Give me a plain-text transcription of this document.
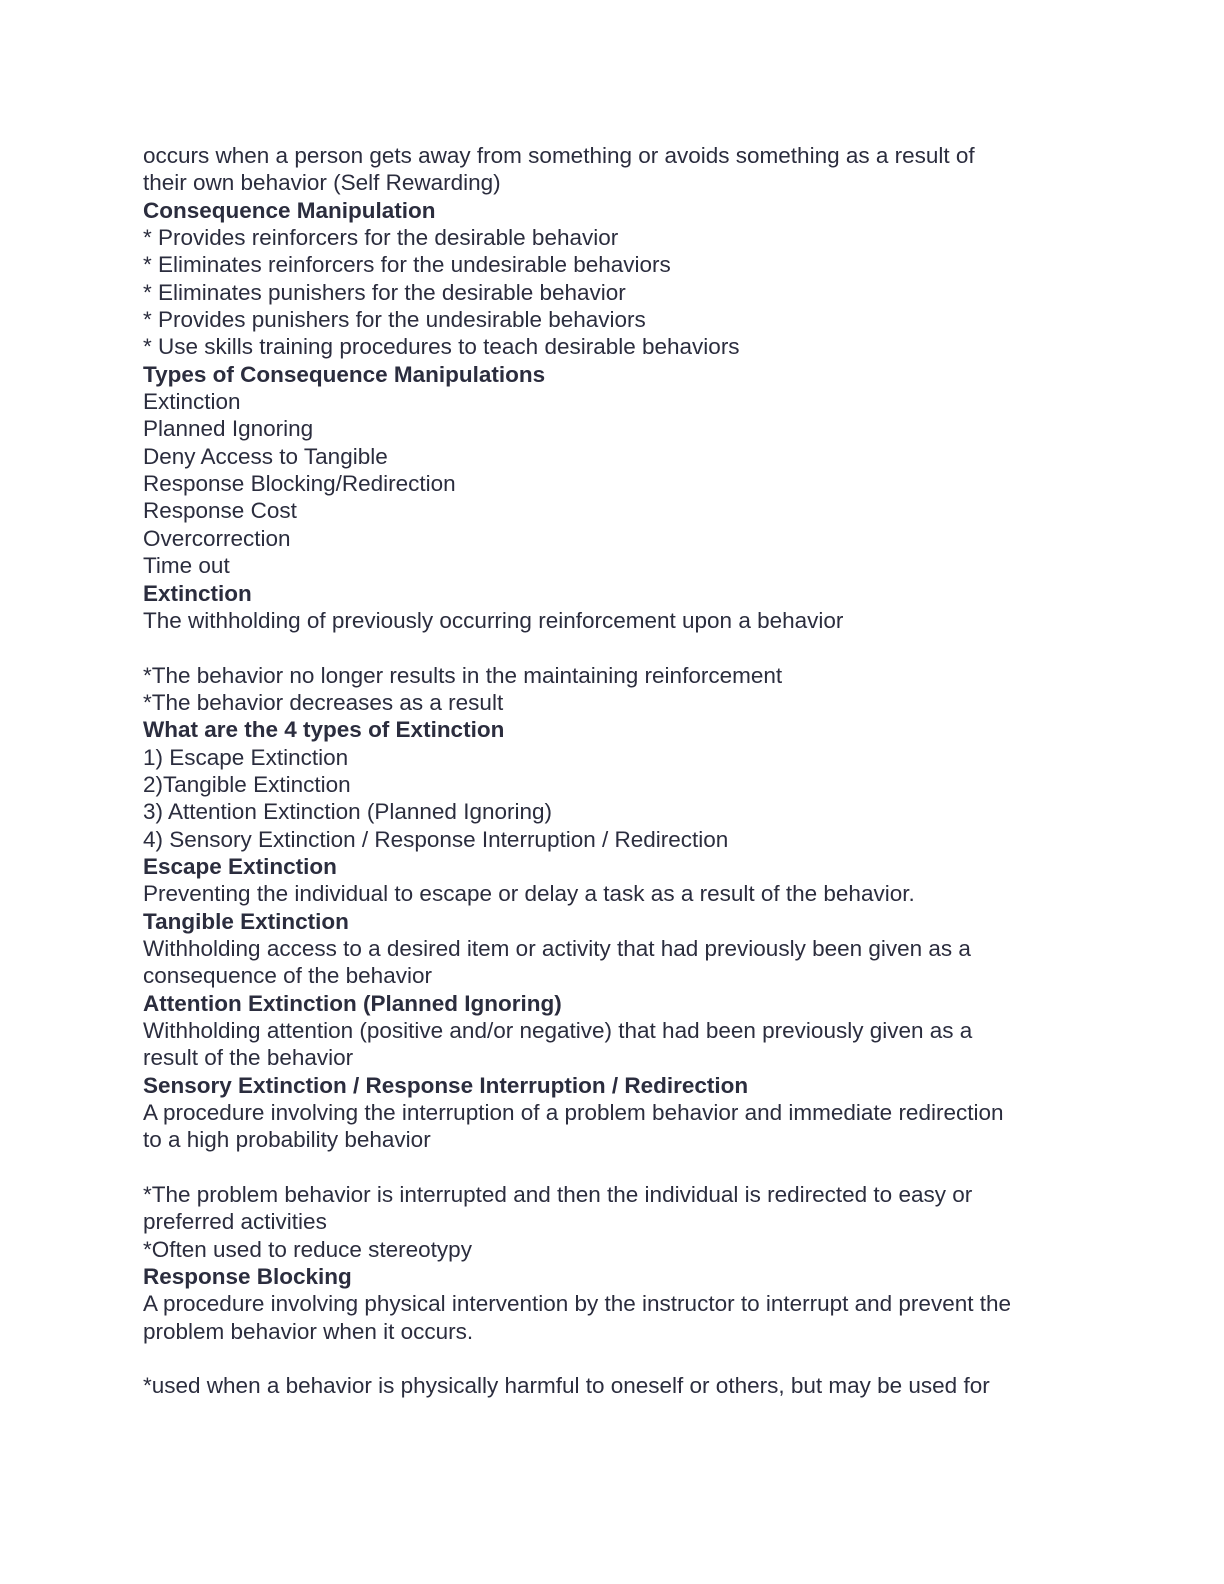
occurs when a person gets away from something or avoids something as a result of
their own behavior (Self Rewarding)
Consequence Manipulation
* Provides reinforcers for the desirable behavior
* Eliminates reinforcers for the undesirable behaviors
* Eliminates punishers for the desirable behavior
* Provides punishers for the undesirable behaviors
* Use skills training procedures to teach desirable behaviors
Types of Consequence Manipulations
Extinction
Planned Ignoring
Deny Access to Tangible
Response Blocking/Redirection
Response Cost
Overcorrection
Time out
Extinction
The withholding of previously occurring reinforcement upon a behavior
*The behavior no longer results in the maintaining reinforcement
*The behavior decreases as a result
What are the 4 types of Extinction
1) Escape Extinction
2)Tangible Extinction
3) Attention Extinction (Planned Ignoring)
4) Sensory Extinction / Response Interruption / Redirection
Escape Extinction
Preventing the individual to escape or delay a task as a result of the behavior.
Tangible Extinction
Withholding access to a desired item or activity that had previously been given as a
consequence of the behavior
Attention Extinction (Planned Ignoring)
Withholding attention (positive and/or negative) that had been previously given as a
result of the behavior
Sensory Extinction / Response Interruption / Redirection
A procedure involving the interruption of a problem behavior and immediate redirection
to a high probability behavior
*The problem behavior is interrupted and then the individual is redirected to easy or
preferred activities
*Often used to reduce stereotypy
Response Blocking
A procedure involving physical intervention by the instructor to interrupt and prevent the
problem behavior when it occurs.
*used when a behavior is physically harmful to oneself or others, but may be used for
